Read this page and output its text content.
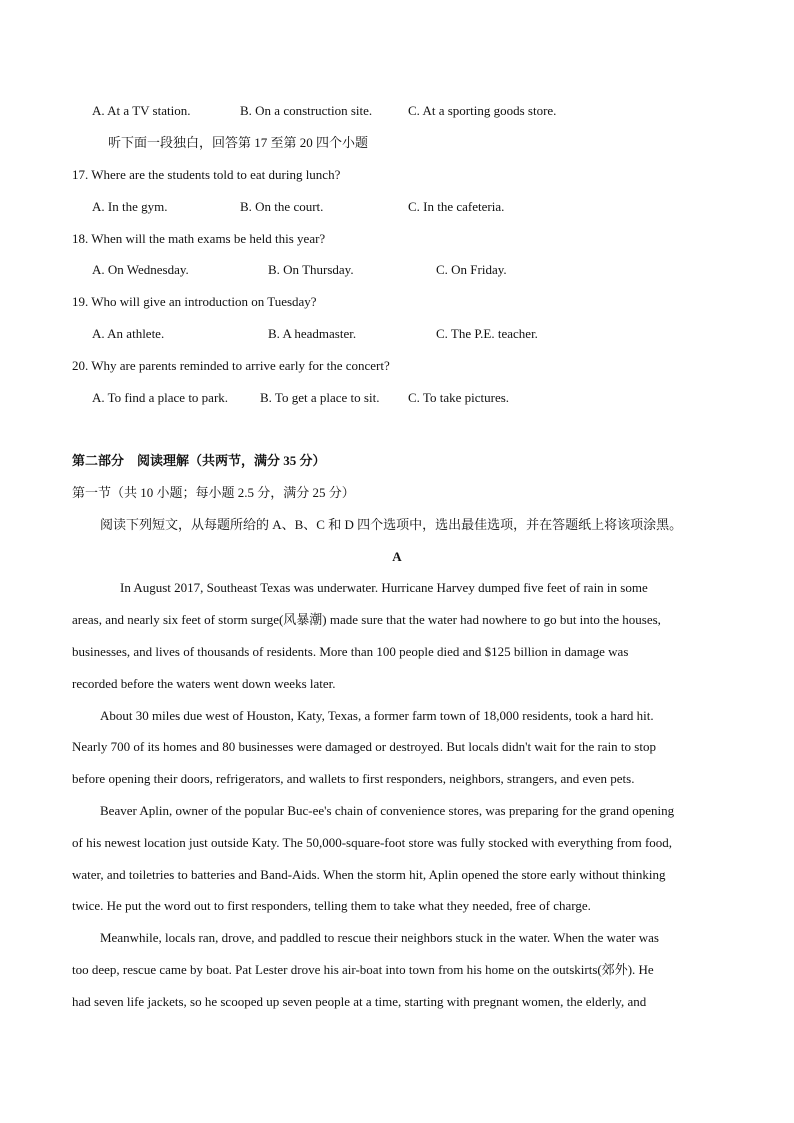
A. At a TV station.	B. On a construction site.	C. At a sporting goods store.
听下面一段独白，回答第 17 至第 20 四个小题
17. Where are the students told to eat during lunch?
A. In the gym.	B. On the court.	C. In the cafeteria.
18. When will the math exams be held this year?
A. On Wednesday.	B. On Thursday.	C. On Friday.
19. Who will give an introduction on Tuesday?
A. An athlete.	B. A headmaster.	C. The P.E. teacher.
20. Why are parents reminded to arrive early for the concert?
A. To find a place to park. B. To get a place to sit. C. To take pictures.
第二部分　阅读理解（共两节，满分 35 分）
第一节（共 10 小题；每小题 2.5 分，满分 25 分）
阅读下列短文，从每题所给的 A、B、C 和 D 四个选项中，选出最佳选项，并在答题纸上将该项涂黑。
A
In August 2017, Southeast Texas was underwater. Hurricane Harvey dumped five feet of rain in some
areas, and nearly six feet of storm surge(风暴潮) made sure that the water had nowhere to go but into the houses,
businesses, and lives of thousands of residents. More than 100 people died and $125 billion in damage was
recorded before the waters went down weeks later.
About 30 miles due west of Houston, Katy, Texas, a former farm town of 18,000 residents, took a hard hit.
Nearly 700 of its homes and 80 businesses were damaged or destroyed. But locals didn't wait for the rain to stop
before opening their doors, refrigerators, and wallets to first responders, neighbors, strangers, and even pets.
Beaver Aplin, owner of the popular Buc-ee's chain of convenience stores, was preparing for the grand opening
of his newest location just outside Katy. The 50,000-square-foot store was fully stocked with everything from food,
water, and toiletries to batteries and Band-Aids. When the storm hit, Aplin opened the store early without thinking
twice. He put the word out to first responders, telling them to take what they needed, free of charge.
Meanwhile, locals ran, drove, and paddled to rescue their neighbors stuck in the water. When the water was
too deep, rescue came by boat. Pat Lester drove his air-boat into town from his home on the outskirts(郊外). He
had seven life jackets, so he scooped up seven people at a time, starting with pregnant women, the elderly, and
